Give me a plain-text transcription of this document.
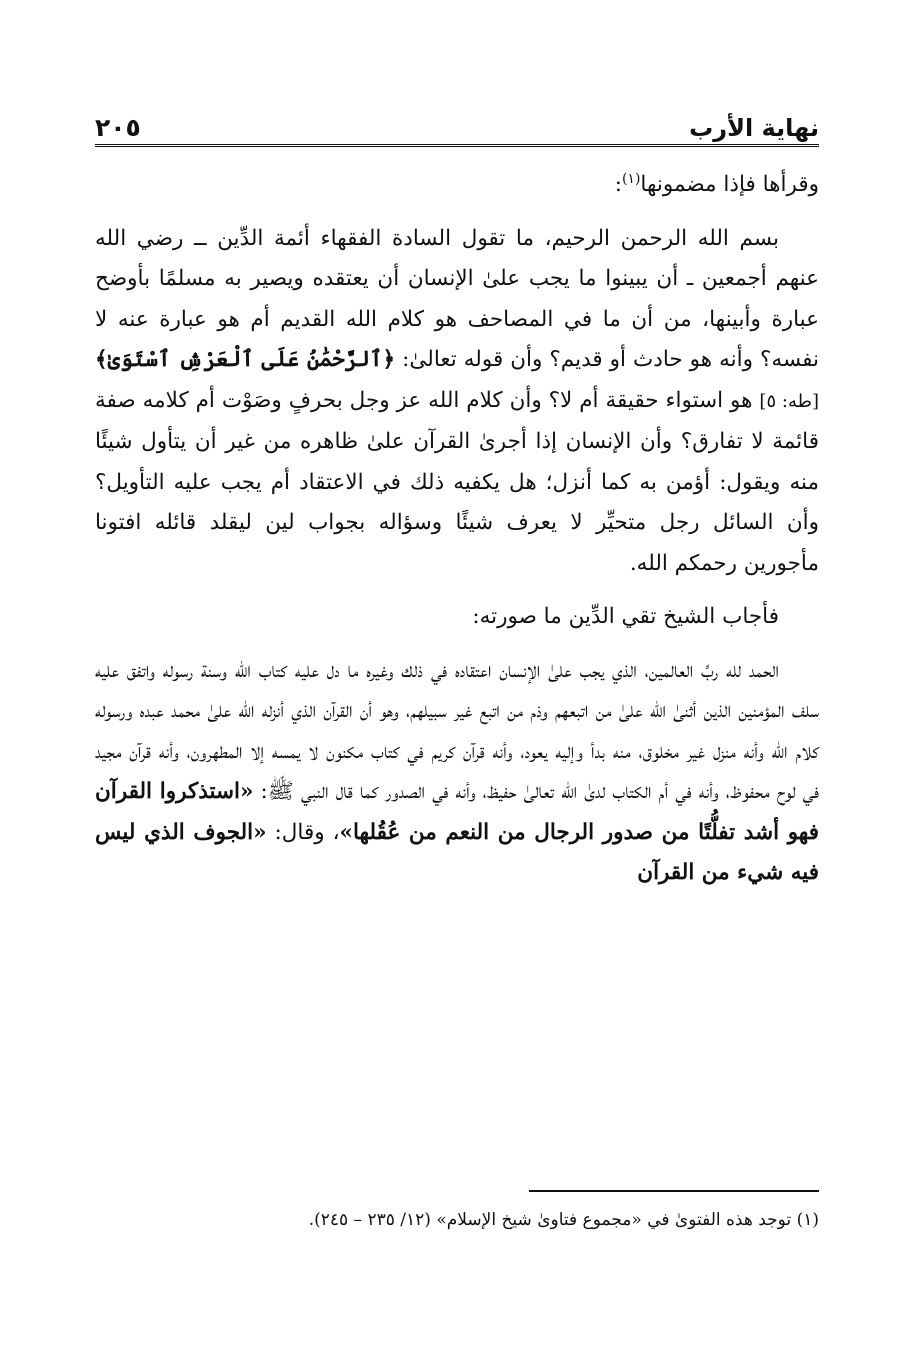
نهاية الأرب
٢٠٥

وقرأها فإذا مضمونها$^{(١)}$:

بسم الله الرحمن الرحيم، ما تقول السادة الفقهاء أئمة الدِّين ــ رضي الله عنهم أجمعين ـ أن يبينوا ما يجب علىٰ الإنسان أن يعتقده ويصير به مسلمًا بأوضح عبارة وأبينها، من أن ما في المصاحف هو كلام الله القديم أم هو عبارة عنه لا نفسه؟ وأنه هو حادث أو قديم؟ وأن قوله تعالىٰ: ﴿ٱلرَّحْمَٰنُ عَلَى ٱلْعَرْشِ ٱسْتَوَىٰ﴾ [طه: ٥] هو استواء حقيقة أم لا؟ وأن كلام الله عز وجل بحرفٍ وصَوْت أم كلامه صفة قائمة لا تفارق؟ وأن الإنسان إذا أجرىٰ القرآن علىٰ ظاهره من غير أن يتأول شيئًا منه ويقول: أؤمن به كما أنزل؛ هل يكفيه ذلك في الاعتقاد أم يجب عليه التأويل؟ وأن السائل رجل متحيِّر لا يعرف شيئًا وسؤاله بجواب لين ليقلد قائله افتونا مأجورين رحمكم الله.

فأجاب الشيخ تقي الدِّين ما صورته:

الحمد لله ربِّ العالمين، الذي يجب علىٰ الإنسان اعتقاده في ذلك وغيره ما دل عليه كتاب الله وسنة رسوله واتفق عليه سلف المؤمنين الذين أثنىٰ الله علىٰ من اتبعهم وذم من اتبع غير سبيلهم، وهو أن القرآن الذي أنزله الله علىٰ محمد عبده ورسوله كلام الله وأنه منزل غير مخلوق، منه بدأ وإليه يعود، وأنه قرآن كريم في كتاب مكنون لا يمسه إلا المطهرون، وأنه قرآن مجيد في لوح محفوظ، وأنه في أم الكتاب لدىٰ الله تعالىٰ حفيظ، وأنه في الصدور كما قال النبي ﷺ: «استذكروا القرآن فهو أشد تفلُّتًا من صدور الرجال من النعم من عُقُلها»، وقال: «الجوف الذي ليس فيه شيء من القرآن

(١) توجد هذه الفتوىٰ في «مجموع فتاوىٰ شيخ الإسلام» (١٢/ ٢٣٥ – ٢٤٥).
